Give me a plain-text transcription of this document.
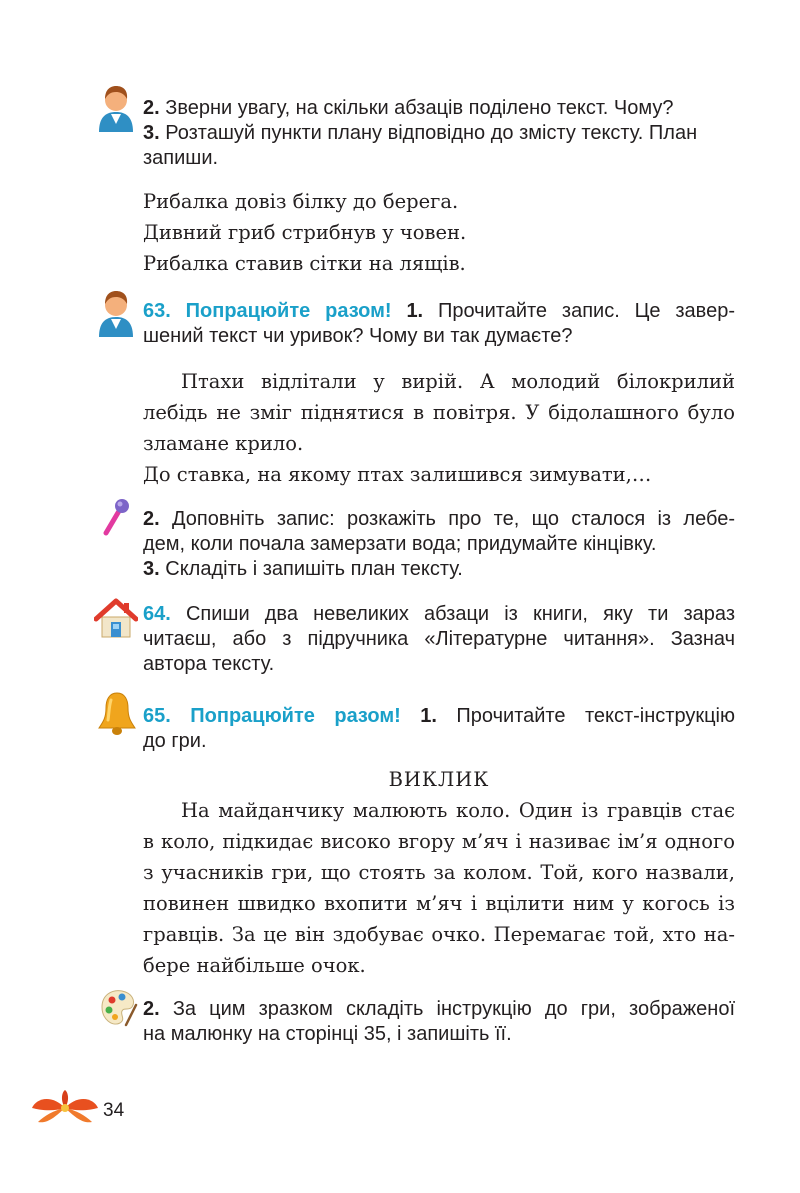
2. Зверни увагу, на скільки абзаців поділено текст. Чому?
3. Розташуй пункти плану відповідно до змісту тексту. План
запиши.
Рибалка довіз білку до берега.
Дивний гриб стрибнув у човен.
Рибалка ставив сітки на лящів.
63. Попрацюйте разом! 1. Прочитайте запис. Це завер-
шений текст чи уривок? Чому ви так думаєте?
Птахи відлітали у вирій. А молодий білокрилий
лебідь не зміг піднятися в повітря. У бідолашного було
зламане крило.
До ставка, на якому птах залишився зимувати,…
2. Доповніть запис: розкажіть про те, що сталося із лебе-
дем, коли почала замерзати вода; придумайте кінцівку.
3. Складіть і запишіть план тексту.
64. Спиши два невеликих абзаци із книги, яку ти зараз
читаєш, або з підручника «Літературне читання». Зазнач
автора тексту.
65. Попрацюйте разом! 1. Прочитайте текст-інструкцію
до гри.
ВИКЛИК
На майданчику малюють коло. Один із гравців стає
в коло, підкидає високо вгору м’яч і називає ім’я одного
з учасників гри, що стоять за колом. Той, кого назвали,
повинен швидко вхопити м’яч і вцілити ним у когось із
гравців. За це він здобуває очко. Перемагає той, хто на-
бере найбільше очок.
2. За цим зразком складіть інструкцію до гри, зображеної
на малюнку на сторінці 35, і запишіть її.
34
